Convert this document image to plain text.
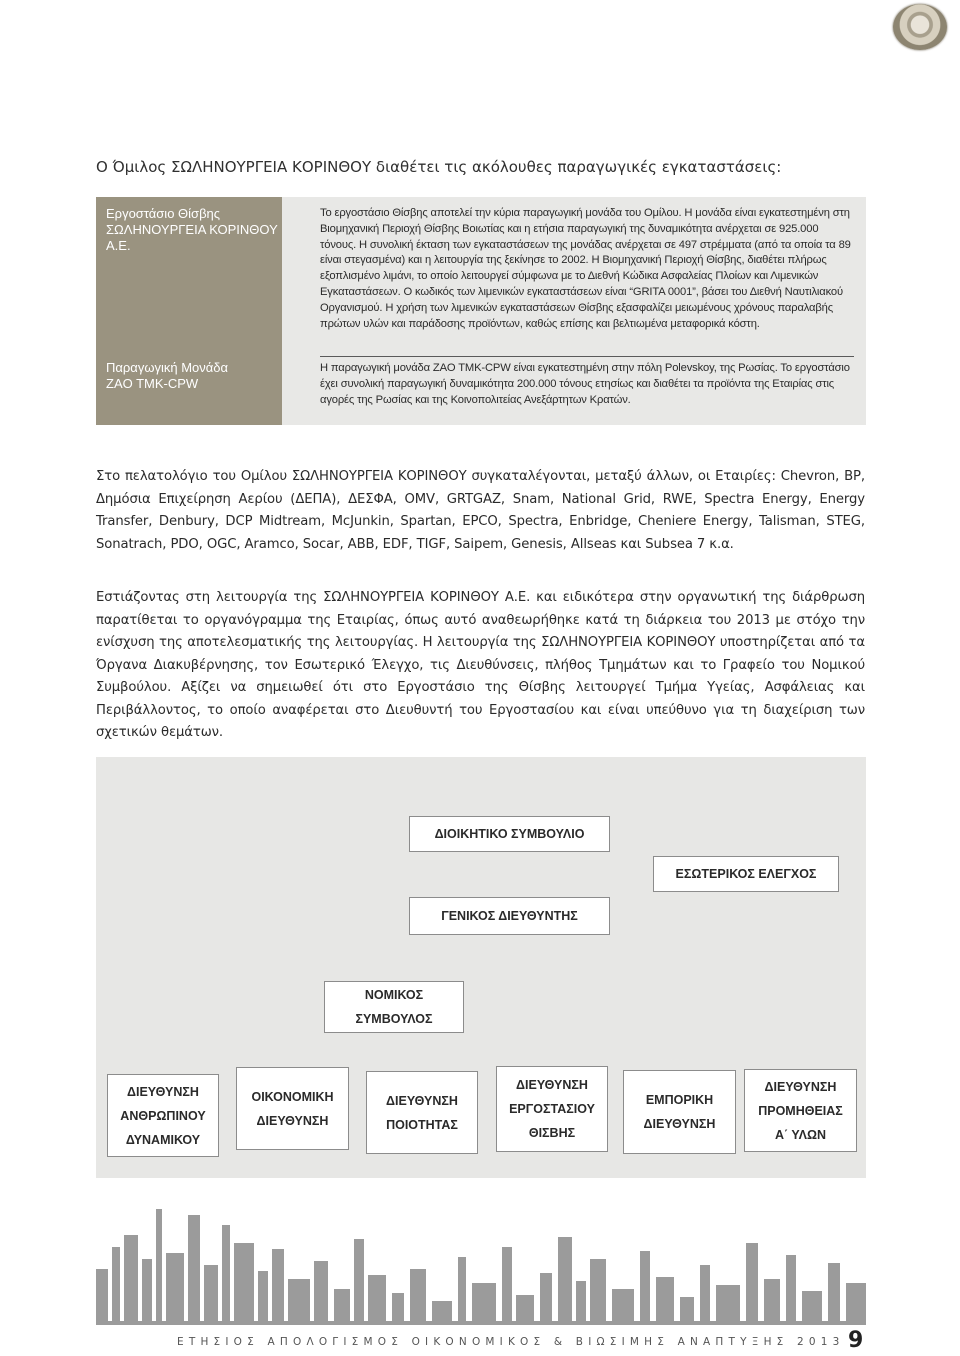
Ο Όμιλος ΣΩΛΗΝΟΥΡΓΕΙΑ ΚΟΡΙΝΘΟΥ διαθέτει τις ακόλουθες παραγωγικές εγκαταστάσεις:
Εργοστάσιο Θίσβης
ΣΩΛΗΝΟΥΡΓΕΙΑ ΚΟΡΙΝΘΟΥ Α.Ε.
Παραγωγική Μονάδα
ZAO TMK-CPW
Το εργοστάσιο Θίσβης αποτελεί την κύρια παραγωγική μονάδα του Ομίλου. Η μονάδα είναι εγκατεστημένη στη Βιομηχανική Περιοχή Θίσβης Βοιωτίας και η ετήσια παραγωγική της δυναμικότητα ανέρχεται σε 925.000 τόνους. Η συνολική έκταση των εγκαταστάσεων της μονάδας ανέρχεται σε 497 στρέμματα (από τα οποία τα 89 είναι στεγασμένα) και η λειτουργία της ξεκίνησε το 2002. Η Βιομηχανική Περιοχή Θίσβης, διαθέτει πλήρως εξοπλισμένο λιμάνι, το οποίο λειτουργεί σύμφωνα με το Διεθνή Κώδικα Ασφαλείας Πλοίων και Λιμενικών Εγκαταστάσεων. Ο κωδικός των λιμενικών εγκαταστάσεων είναι “GRITA 0001”, βάσει του Διεθνή Ναυτιλιακού Οργανισμού. Η χρήση των λιμενικών εγκαταστάσεων Θίσβης εξασφαλίζει μειωμένους χρόνους παραλαβής πρώτων υλών και παράδοσης προϊόντων, καθώς επίσης και βελτιωμένα μεταφορικά κόστη.
Η παραγωγική μονάδα ZAO TMK-CPW είναι εγκατεστημένη στην πόλη Polevskoy, της Ρωσίας. Το εργοστάσιο έχει συνολική παραγωγική δυναμικότητα 200.000 τόνους ετησίως και διαθέτει τα προϊόντα της Εταιρίας στις αγορές της Ρωσίας και της Κοινοπολιτείας Ανεξάρτητων Κρατών.
Στο πελατολόγιο του Ομίλου ΣΩΛΗΝΟΥΡΓΕΙΑ ΚΟΡΙΝΘΟΥ συγκαταλέγονται, μεταξύ άλλων, οι Εταιρίες: Chevron, BP, Δημόσια Επιχείρηση Αερίου (ΔΕΠΑ), ΔΕΣΦΑ, OMV, GRTGAZ, Snam, National Grid, RWE, Spectra Energy, Energy Transfer, Denbury, DCP Midtream, McJunkin, Spartan, EPCO, Spectra, Enbridge, Cheniere Energy, Talisman, STEG, Sonatrach, PDO, OGC, Aramco, Socar, ABB, EDF, TIGF, Saipem, Genesis, Allseas και Subsea 7 κ.α.
Εστιάζοντας στη λειτουργία της ΣΩΛΗΝΟΥΡΓΕΙΑ ΚΟΡΙΝΘΟΥ Α.Ε. και ειδικότερα στην οργανωτική της διάρθρωση παρατίθεται το οργανόγραμμα της Εταιρίας, όπως αυτό αναθεωρήθηκε κατά τη διάρκεια του 2013 με στόχο την ενίσχυση της αποτελεσματικής της λειτουργίας. Η λειτουργία της ΣΩΛΗΝΟΥΡΓΕΙΑ ΚΟΡΙΝΘΟΥ υποστηρίζεται από τα Όργανα Διακυβέρνησης, τον Εσωτερικό Έλεγχο, τις Διευθύνσεις, πλήθος Τμημάτων και το Γραφείο του Νομικού Συμβούλου. Αξίζει να σημειωθεί ότι στο Εργοστάσιο της Θίσβης λειτουργεί Τμήμα Υγείας, Ασφάλειας και Περιβάλλοντος, το οποίο αναφέρεται στο Διευθυντή του Εργοστασίου και είναι υπεύθυνο για τη διαχείριση των σχετικών θεμάτων.
ΔΙΟΙΚΗΤΙΚΟ ΣΥΜΒΟΥΛΙΟ
ΕΣΩΤΕΡΙΚΟΣ ΕΛΕΓΧΟΣ
ΓΕΝΙΚΟΣ ΔΙΕΥΘΥΝΤΗΣ
ΝΟΜΙΚΟΣ
ΣΥΜΒΟΥΛΟΣ
ΔΙΕΥΘΥΝΣΗ
ΑΝΘΡΩΠΙΝΟΥ
ΔΥΝΑΜΙΚΟΥ
ΟΙΚΟΝΟΜΙΚΗ
ΔΙΕΥΘΥΝΣΗ
ΔΙΕΥΘΥΝΣΗ
ΠΟΙΟΤΗΤΑΣ
ΔΙΕΥΘΥΝΣΗ
ΕΡΓΟΣΤΑΣΙΟΥ
ΘΙΣΒΗΣ
ΕΜΠΟΡΙΚΗ
ΔΙΕΥΘΥΝΣΗ
ΔΙΕΥΘΥΝΣΗ
ΠΡΟΜΗΘΕΙΑΣ
Α΄ ΥΛΩΝ
ΕΤΗΣΙΟΣ ΑΠΟΛΟΓΙΣΜΟΣ ΟΙΚΟΝΟΜΙΚΟΣ & ΒΙΩΣΙΜΗΣ ΑΝΑΠΤΥΞΗΣ 2013 9
